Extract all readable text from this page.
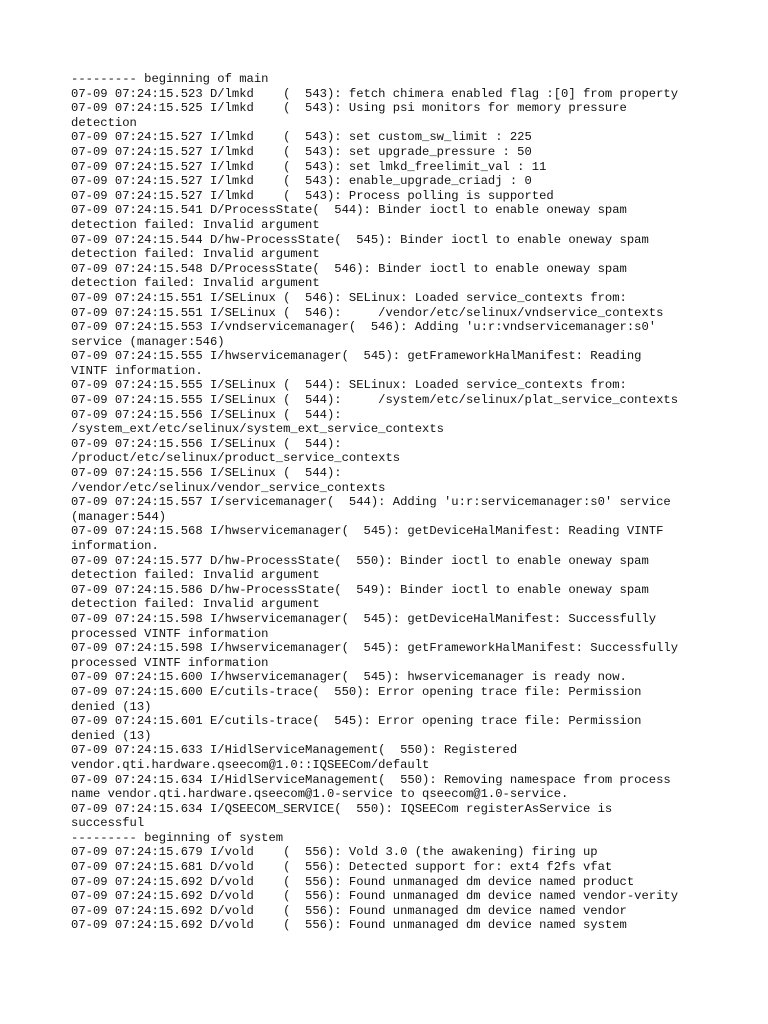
--------- beginning of main
07-09 07:24:15.523 D/lmkd    (  543): fetch chimera enabled flag :[0] from property
07-09 07:24:15.525 I/lmkd    (  543): Using psi monitors for memory pressure
detection
07-09 07:24:15.527 I/lmkd    (  543): set custom_sw_limit : 225
07-09 07:24:15.527 I/lmkd    (  543): set upgrade_pressure : 50
07-09 07:24:15.527 I/lmkd    (  543): set lmkd_freelimit_val : 11
07-09 07:24:15.527 I/lmkd    (  543): enable_upgrade_criadj : 0
07-09 07:24:15.527 I/lmkd    (  543): Process polling is supported
07-09 07:24:15.541 D/ProcessState(  544): Binder ioctl to enable oneway spam
detection failed: Invalid argument
07-09 07:24:15.544 D/hw-ProcessState(  545): Binder ioctl to enable oneway spam
detection failed: Invalid argument
07-09 07:24:15.548 D/ProcessState(  546): Binder ioctl to enable oneway spam
detection failed: Invalid argument
07-09 07:24:15.551 I/SELinux (  546): SELinux: Loaded service_contexts from:
07-09 07:24:15.551 I/SELinux (  546):     /vendor/etc/selinux/vndservice_contexts
07-09 07:24:15.553 I/vndservicemanager(  546): Adding 'u:r:vndservicemanager:s0'
service (manager:546)
07-09 07:24:15.555 I/hwservicemanager(  545): getFrameworkHalManifest: Reading
VINTF information.
07-09 07:24:15.555 I/SELinux (  544): SELinux: Loaded service_contexts from:
07-09 07:24:15.555 I/SELinux (  544):     /system/etc/selinux/plat_service_contexts
07-09 07:24:15.556 I/SELinux (  544):
/system_ext/etc/selinux/system_ext_service_contexts
07-09 07:24:15.556 I/SELinux (  544):
/product/etc/selinux/product_service_contexts
07-09 07:24:15.556 I/SELinux (  544):
/vendor/etc/selinux/vendor_service_contexts
07-09 07:24:15.557 I/servicemanager(  544): Adding 'u:r:servicemanager:s0' service
(manager:544)
07-09 07:24:15.568 I/hwservicemanager(  545): getDeviceHalManifest: Reading VINTF
information.
07-09 07:24:15.577 D/hw-ProcessState(  550): Binder ioctl to enable oneway spam
detection failed: Invalid argument
07-09 07:24:15.586 D/hw-ProcessState(  549): Binder ioctl to enable oneway spam
detection failed: Invalid argument
07-09 07:24:15.598 I/hwservicemanager(  545): getDeviceHalManifest: Successfully
processed VINTF information
07-09 07:24:15.598 I/hwservicemanager(  545): getFrameworkHalManifest: Successfully
processed VINTF information
07-09 07:24:15.600 I/hwservicemanager(  545): hwservicemanager is ready now.
07-09 07:24:15.600 E/cutils-trace(  550): Error opening trace file: Permission
denied (13)
07-09 07:24:15.601 E/cutils-trace(  545): Error opening trace file: Permission
denied (13)
07-09 07:24:15.633 I/HidlServiceManagement(  550): Registered
vendor.qti.hardware.qseecom@1.0::IQSEECom/default
07-09 07:24:15.634 I/HidlServiceManagement(  550): Removing namespace from process
name vendor.qti.hardware.qseecom@1.0-service to qseecom@1.0-service.
07-09 07:24:15.634 I/QSEECOM_SERVICE(  550): IQSEECom registerAsService is
successful
--------- beginning of system
07-09 07:24:15.679 I/vold    (  556): Vold 3.0 (the awakening) firing up
07-09 07:24:15.681 D/vold    (  556): Detected support for: ext4 f2fs vfat
07-09 07:24:15.692 D/vold    (  556): Found unmanaged dm device named product
07-09 07:24:15.692 D/vold    (  556): Found unmanaged dm device named vendor-verity
07-09 07:24:15.692 D/vold    (  556): Found unmanaged dm device named vendor
07-09 07:24:15.692 D/vold    (  556): Found unmanaged dm device named system
